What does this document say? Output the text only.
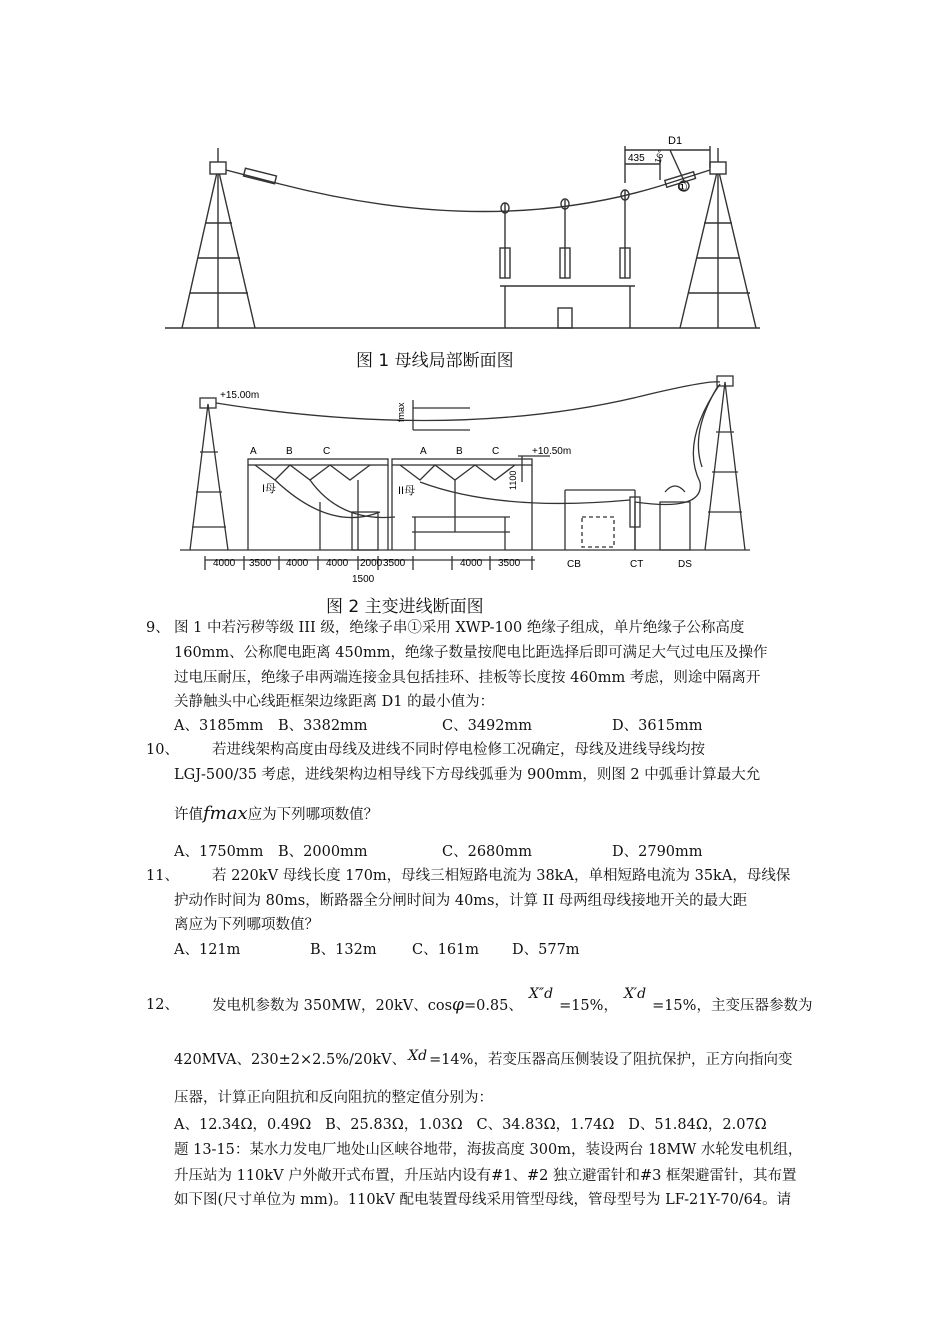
D1
435 16°
①
图 1 母线局部断面图
+15.00m
+10.50m
fmax
1100
I母	II母
A	B	C	A	B	C
CB	CT	DS
4000 3500 4000 4000 2000 3500	4000 3500
1500
图 2 主变进线断面图
9、 图 1 中若污秽等级 III 级，绝缘子串①采用 XWP-100 绝缘子组成，单片绝缘子公称高度
160mm、公称爬电距离 450mm，绝缘子数量按爬电比距选择后即可满足大气过电压及操作
过电压耐压，绝缘子串两端连接金具包括挂环、挂板等长度按 460mm 考虑，则途中隔离开
关静触头中心线距框架边缘距离 D1 的最小值为：
A、3185mm B、3382mm	C、3492mm	D、3615mm
10、 若进线架构高度由母线及进线不同时停电检修工况确定，母线及进线导线均按
LGJ-500/35 考虑，进线架构边相导线下方母线弧垂为 900mm，则图 2 中弧垂计算最大允
许值fmax应为下列哪项数值？
A、1750mm B、2000mm	C、2680mm	D、2790mm
11、 若 220kV 母线长度 170m，母线三相短路电流为 38kA，单相短路电流为 35kA，母线保
护动作时间为 80ms，断路器全分闸时间为 40ms，计算 II 母两组母线接地开关的最大距
离应为下列哪项数值？
A、121m	B、132m C、161m D、577m
12、 发电机参数为 350MW，20kV、cosφ=0.85、X″d=15%，X′d=15%，主变压器参数为
420MVA、230±2×2.5%/20kV、 Xd =14%，若变压器高压侧装设了阻抗保护，正方向指向变
压器，计算正向阻抗和反向阻抗的整定值分别为：
A、12.34Ω，0.49Ω B、25.83Ω，1.03Ω C、34.83Ω，1.74Ω D、51.84Ω，2.07Ω
题 13-15：某水力发电厂地处山区峡谷地带，海拔高度 300m，装设两台 18MW 水轮发电机组，
升压站为 110kV 户外敞开式布置，升压站内设有#1、#2 独立避雷针和#3 框架避雷针，其布置
如下图(尺寸单位为 mm)。110kV 配电装置母线采用管型母线，管母型号为 LF-21Y-70/64。请
